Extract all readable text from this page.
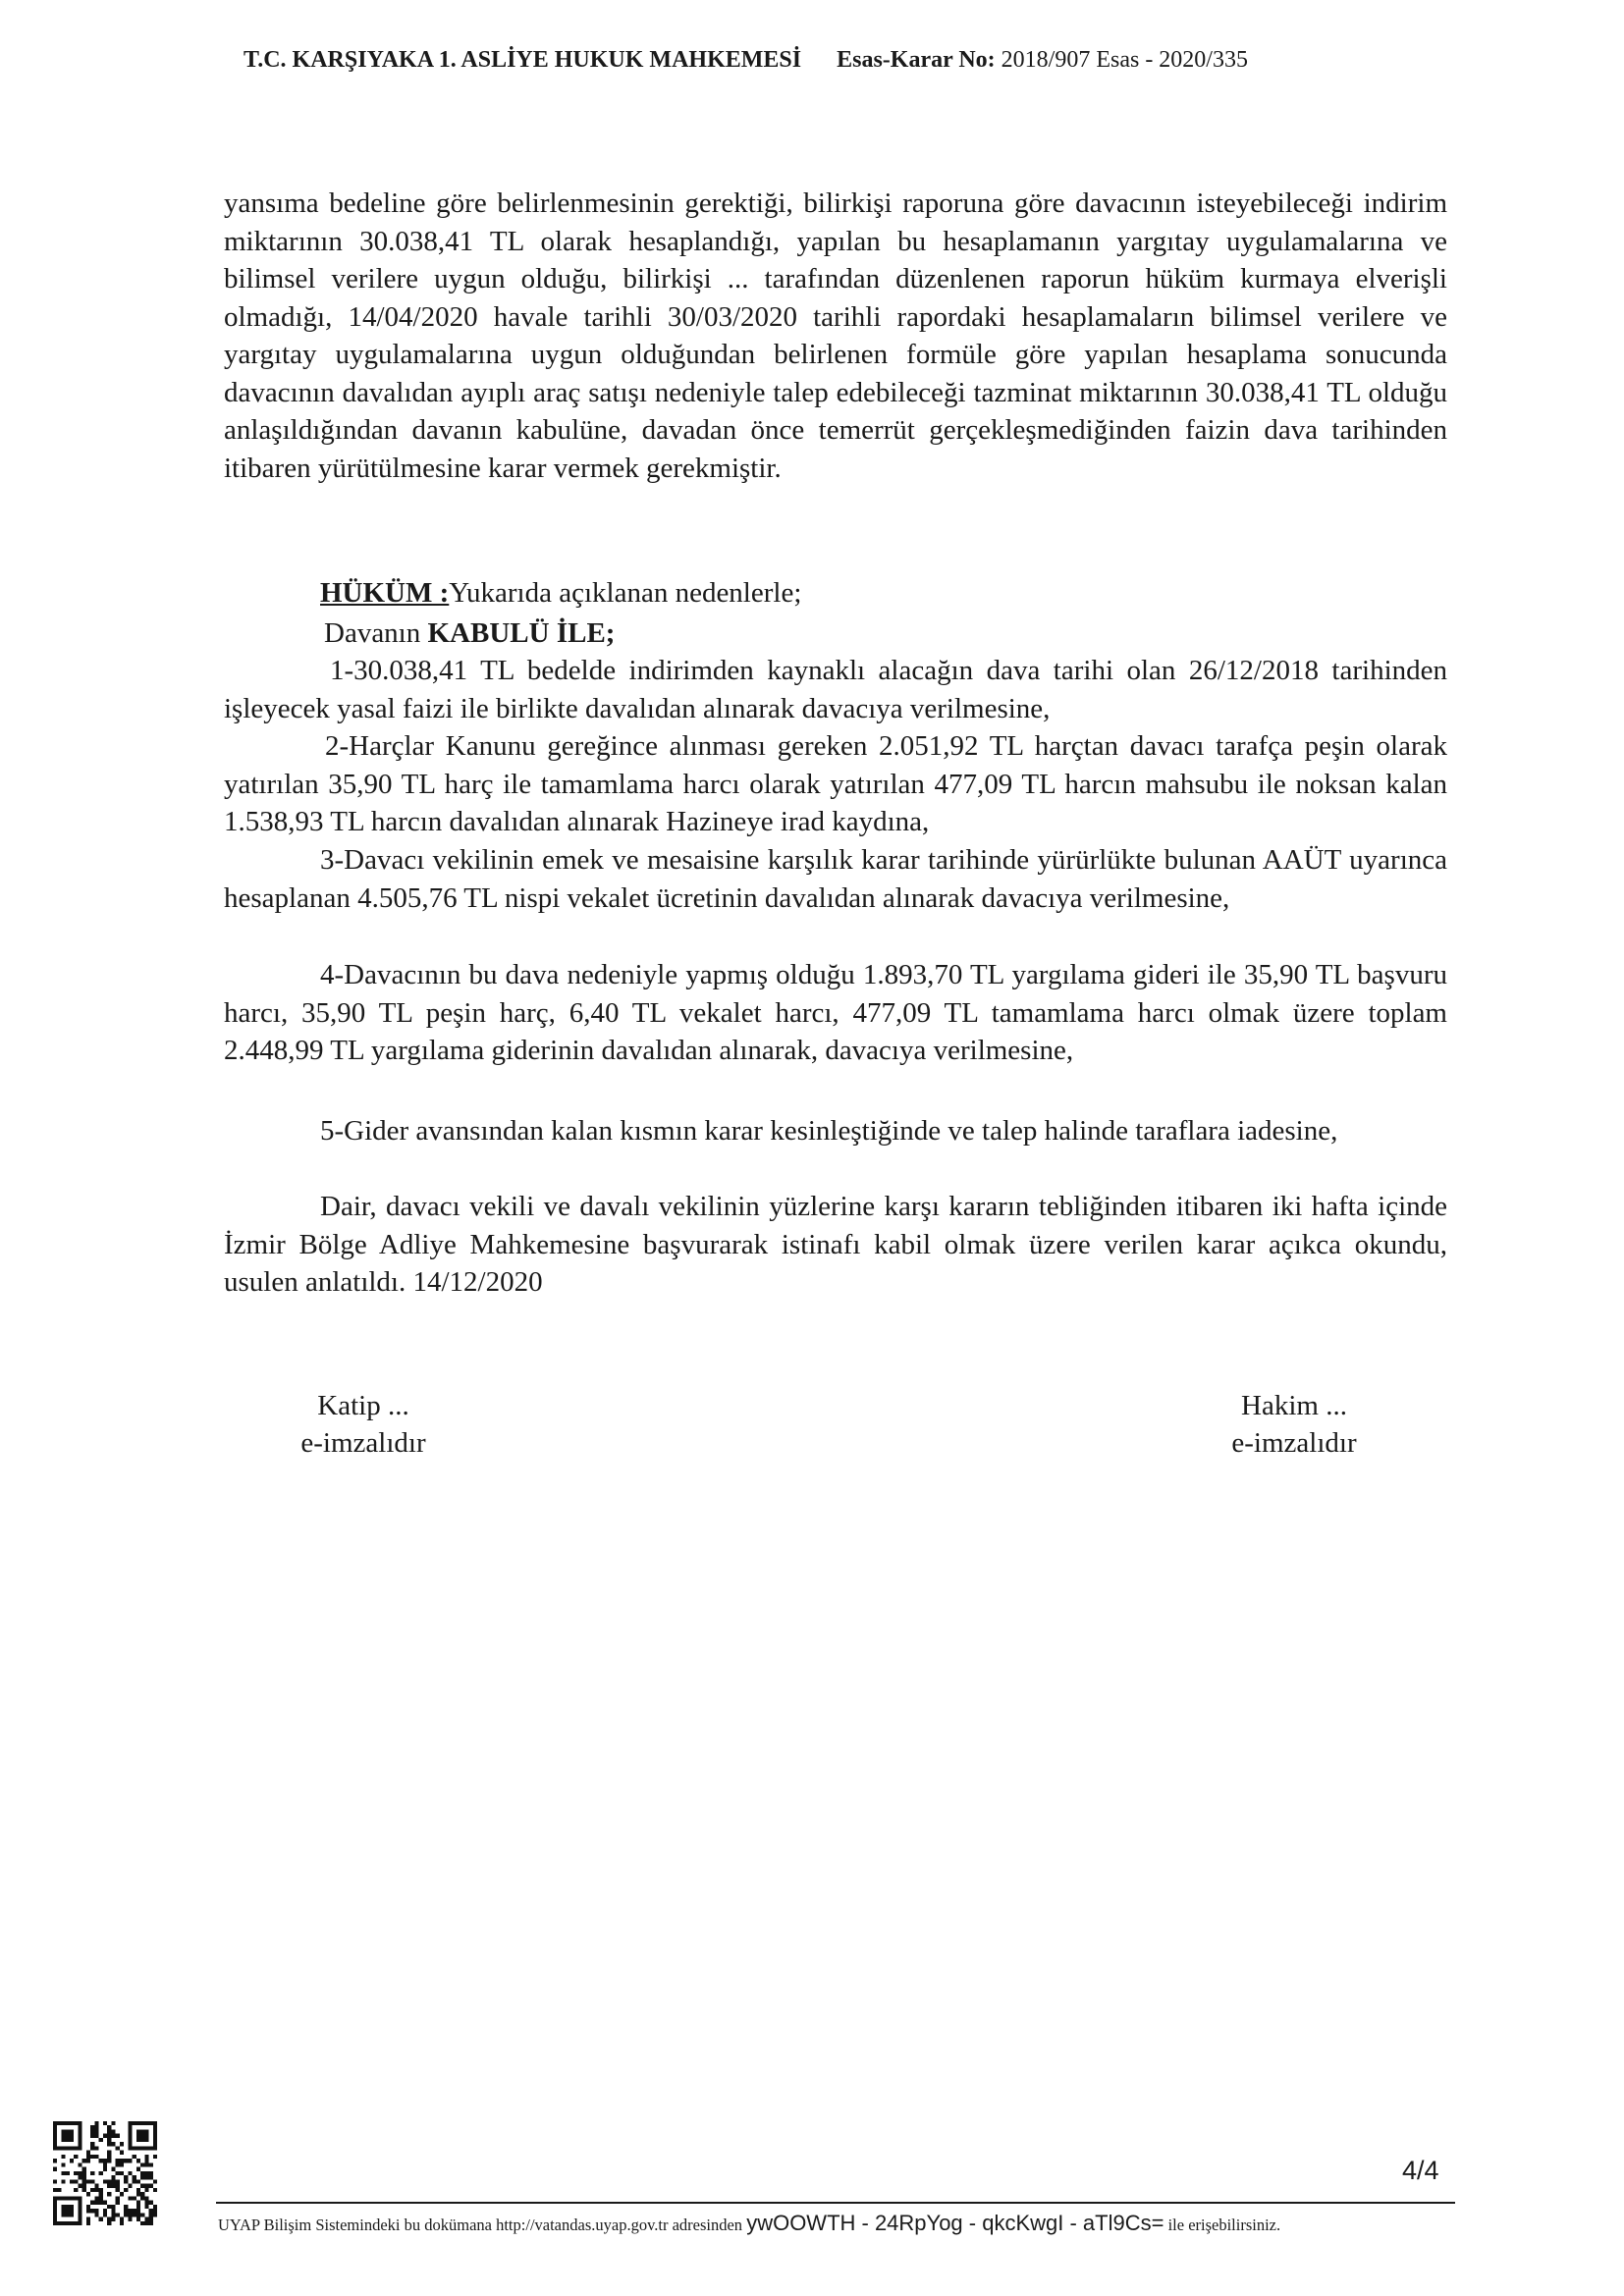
T.C. KARŞIYAKA 1. ASLİYE HUKUK MAHKEMESİ Esas-Karar No: 2018/907 Esas - 2020/335

yansıma bedeline göre belirlenmesinin gerektiği, bilirkişi raporuna göre davacının isteyebileceği indirim miktarının 30.038,41 TL olarak hesaplandığı, yapılan bu hesaplamanın yargıtay uygulamalarına ve bilimsel verilere uygun olduğu, bilirkişi ... tarafından düzenlenen raporun hüküm kurmaya elverişli olmadığı, 14/04/2020 havale tarihli 30/03/2020 tarihli rapordaki hesaplamaların bilimsel verilere ve yargıtay uygulamalarına uygun olduğundan belirlenen formüle göre yapılan hesaplama sonucunda davacının davalıdan ayıplı araç satışı nedeniyle talep edebileceği tazminat miktarının 30.038,41 TL olduğu anlaşıldığından davanın kabulüne, davadan önce temerrüt gerçekleşmediğinden faizin dava tarihinden itibaren yürütülmesine karar vermek gerekmiştir.

HÜKÜM :Yukarıda açıklanan nedenlerle;
Davanın KABULÜ İLE;

1-30.038,41 TL bedelde indirimden kaynaklı alacağın dava tarihi olan 26/12/2018 tarihinden işleyecek yasal faizi ile birlikte davalıdan alınarak davacıya verilmesine,

2-Harçlar Kanunu gereğince alınması gereken 2.051,92 TL harçtan davacı tarafça peşin olarak yatırılan 35,90 TL harç ile tamamlama harcı olarak yatırılan 477,09 TL harcın mahsubu ile noksan kalan 1.538,93 TL harcın davalıdan alınarak Hazineye irad kaydına,

3-Davacı vekilinin emek ve mesaisine karşılık karar tarihinde yürürlükte bulunan AAÜT uyarınca hesaplanan 4.505,76 TL nispi vekalet ücretinin davalıdan alınarak davacıya verilmesine,

4-Davacının bu dava nedeniyle yapmış olduğu 1.893,70 TL yargılama gideri ile 35,90 TL başvuru harcı, 35,90 TL peşin harç, 6,40 TL vekalet harcı, 477,09 TL tamamlama harcı olmak üzere toplam 2.448,99 TL yargılama giderinin davalıdan alınarak, davacıya verilmesine,

5-Gider avansından kalan kısmın karar kesinleştiğinde ve talep halinde taraflara iadesine,

Dair, davacı vekili ve davalı vekilinin yüzlerine karşı kararın tebliğinden itibaren iki hafta içinde İzmir Bölge Adliye Mahkemesine başvurarak istinafı kabil olmak üzere verilen karar açıkca okundu, usulen anlatıldı. 14/12/2020

Katip ...
e-imzalıdır
Hakim ...
e-imzalıdır
4/4
UYAP Bilişim Sistemindeki bu dokümana http://vatandas.uyap.gov.tr adresinden ywOOWTH - 24RpYog - qkcKwgI - aTl9Cs= ile erişebilirsiniz.
